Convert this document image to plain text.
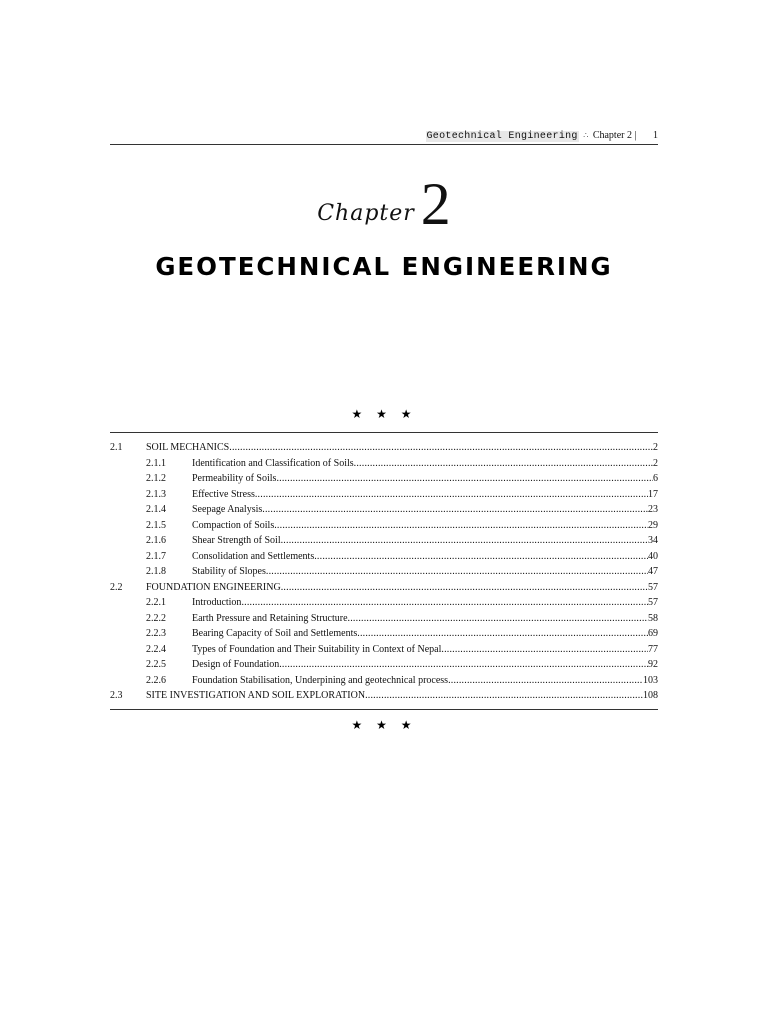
Geotechnical Engineering ∴ Chapter 2 | 1
Chapter 2
GEOTECHNICAL ENGINEERING
★ ★ ★
2.1 SOIL MECHANICS .....	2
2.1.1	Identification and Classification of Soils .....	2
2.1.2	Permeability of Soils .....	6
2.1.3	Effective Stress .....	17
2.1.4	Seepage Analysis .....	23
2.1.5	Compaction of Soils .....	29
2.1.6	Shear Strength of Soil .....	34
2.1.7	Consolidation and Settlements .....	40
2.1.8	Stability of Slopes .....	47
2.2 FOUNDATION ENGINEERING .....	57
2.2.1	Introduction .....	57
2.2.2	Earth Pressure and Retaining Structure .....	58
2.2.3	Bearing Capacity of Soil and Settlements .....	69
2.2.4	Types of Foundation and Their Suitability in Context of Nepal .....	77
2.2.5	Design of Foundation .....	92
2.2.6	Foundation Stabilisation, Underpining and geotechnical process .....	103
2.3 SITE INVESTIGATION AND SOIL EXPLORATION .....	108
★ ★ ★
